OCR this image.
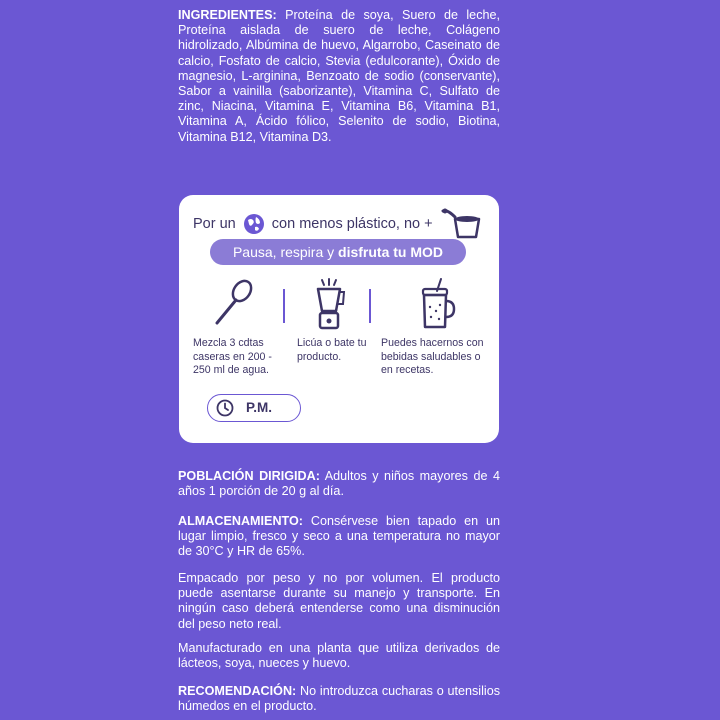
INGREDIENTES: Proteína de soya, Suero de leche, Proteína aislada de suero de leche, Colágeno hidrolizado, Albúmina de huevo, Algarrobo, Caseinato de calcio, Fosfato de calcio, Stevia (edulcorante), Óxido de magnesio, L-arginina, Benzoato de sodio (conservante), Sabor a vainilla (saborizante), Vitamina C, Sulfato de zinc, Niacina, Vitamina E, Vitamina B6, Vitamina B1, Vitamina A, Ácido fólico, Selenito de sodio, Biotina, Vitamina B12, Vitamina D3.

Por un con menos plástico, no +
Pausa, respira y disfruta tu MOD
Mezcla 3 cdtas caseras en 200 - 250 ml de agua.
Licúa o bate tu producto.
Puedes hacernos con bebidas saludables o en recetas.
P.M.

POBLACIÓN DIRIGIDA: Adultos y niños mayores de 4 años 1 porción de 20 g al día.

ALMACENAMIENTO: Consérvese bien tapado en un lugar limpio, fresco y seco a una temperatura no mayor de 30°C y HR de 65%.

Empacado por peso y no por volumen. El producto puede asentarse durante su manejo y transporte. En ningún caso deberá entenderse como una disminución del peso neto real.

Manufacturado en una planta que utiliza derivados de lácteos, soya, nueces y huevo.

RECOMENDACIÓN: No introduzca cucharas o utensilios húmedos en el producto.
